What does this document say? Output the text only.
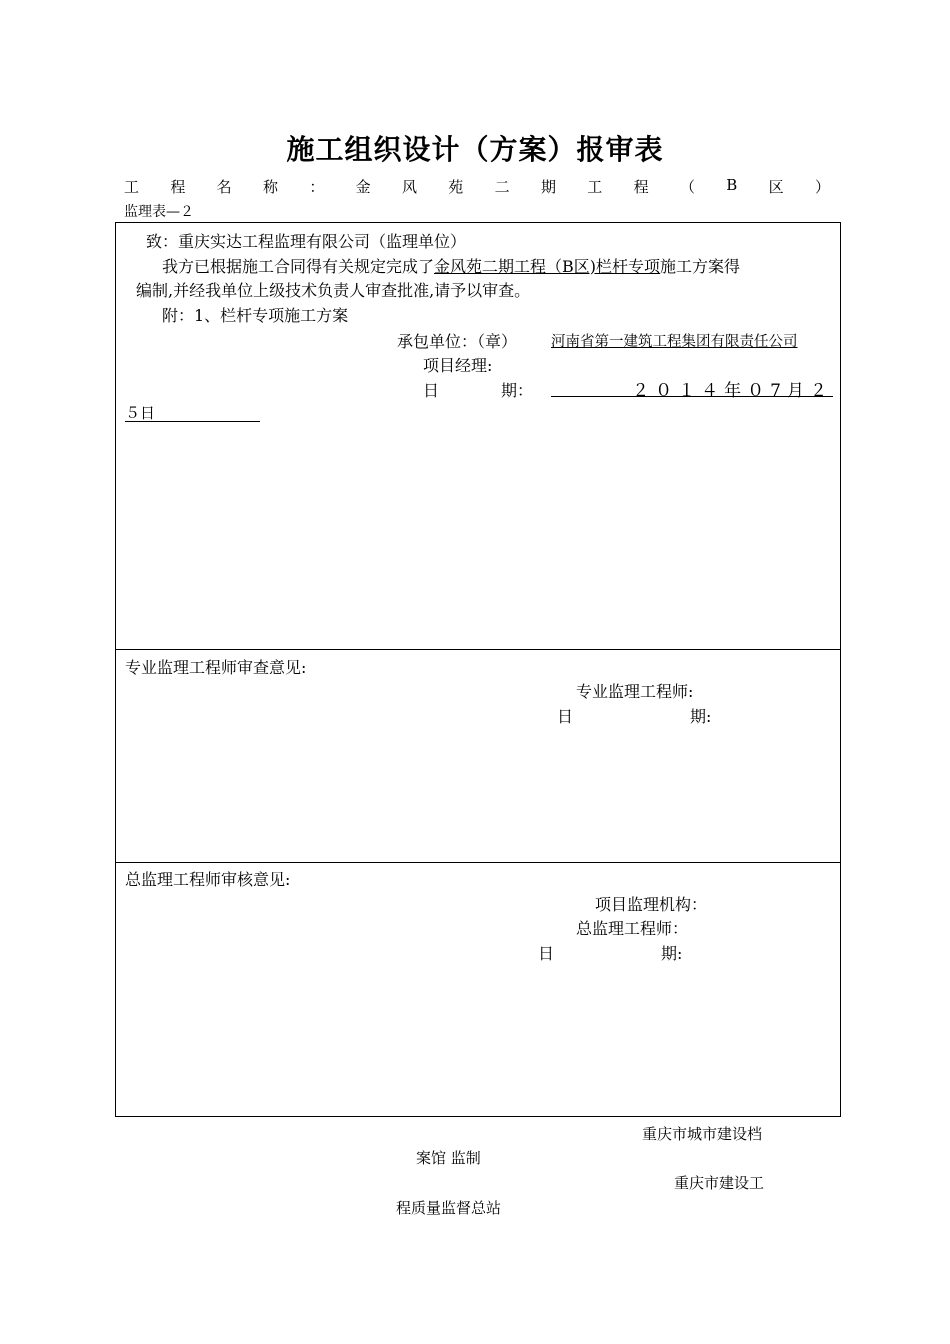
施工组织设计（方案）报审表
工 程 名 称 ： 金 风 苑 二 期 工 程 （ B 区 ）
监理表—２
致：重庆实达工程监理有限公司（监理单位）
我方已根据施工合同得有关规定完成了金风苑二期工程（B区)栏杆专项施工方案得
编制,并经我单位上级技术负责人审查批准,请予以审查。
附：1、栏杆专项施工方案
承包单位：（章） 河南省第一建筑工程集团有限责任公司
项目经理:
日	期：	２０１４年０7月２
５日
专业监理工程师审查意见:
专业监理工程师:
日	期:
总监理工程师审核意见:
项目监理机构：
总监理工程师：
日	期:
重庆市城市建设档
案馆 监制
重庆市建设工
程质量监督总站
